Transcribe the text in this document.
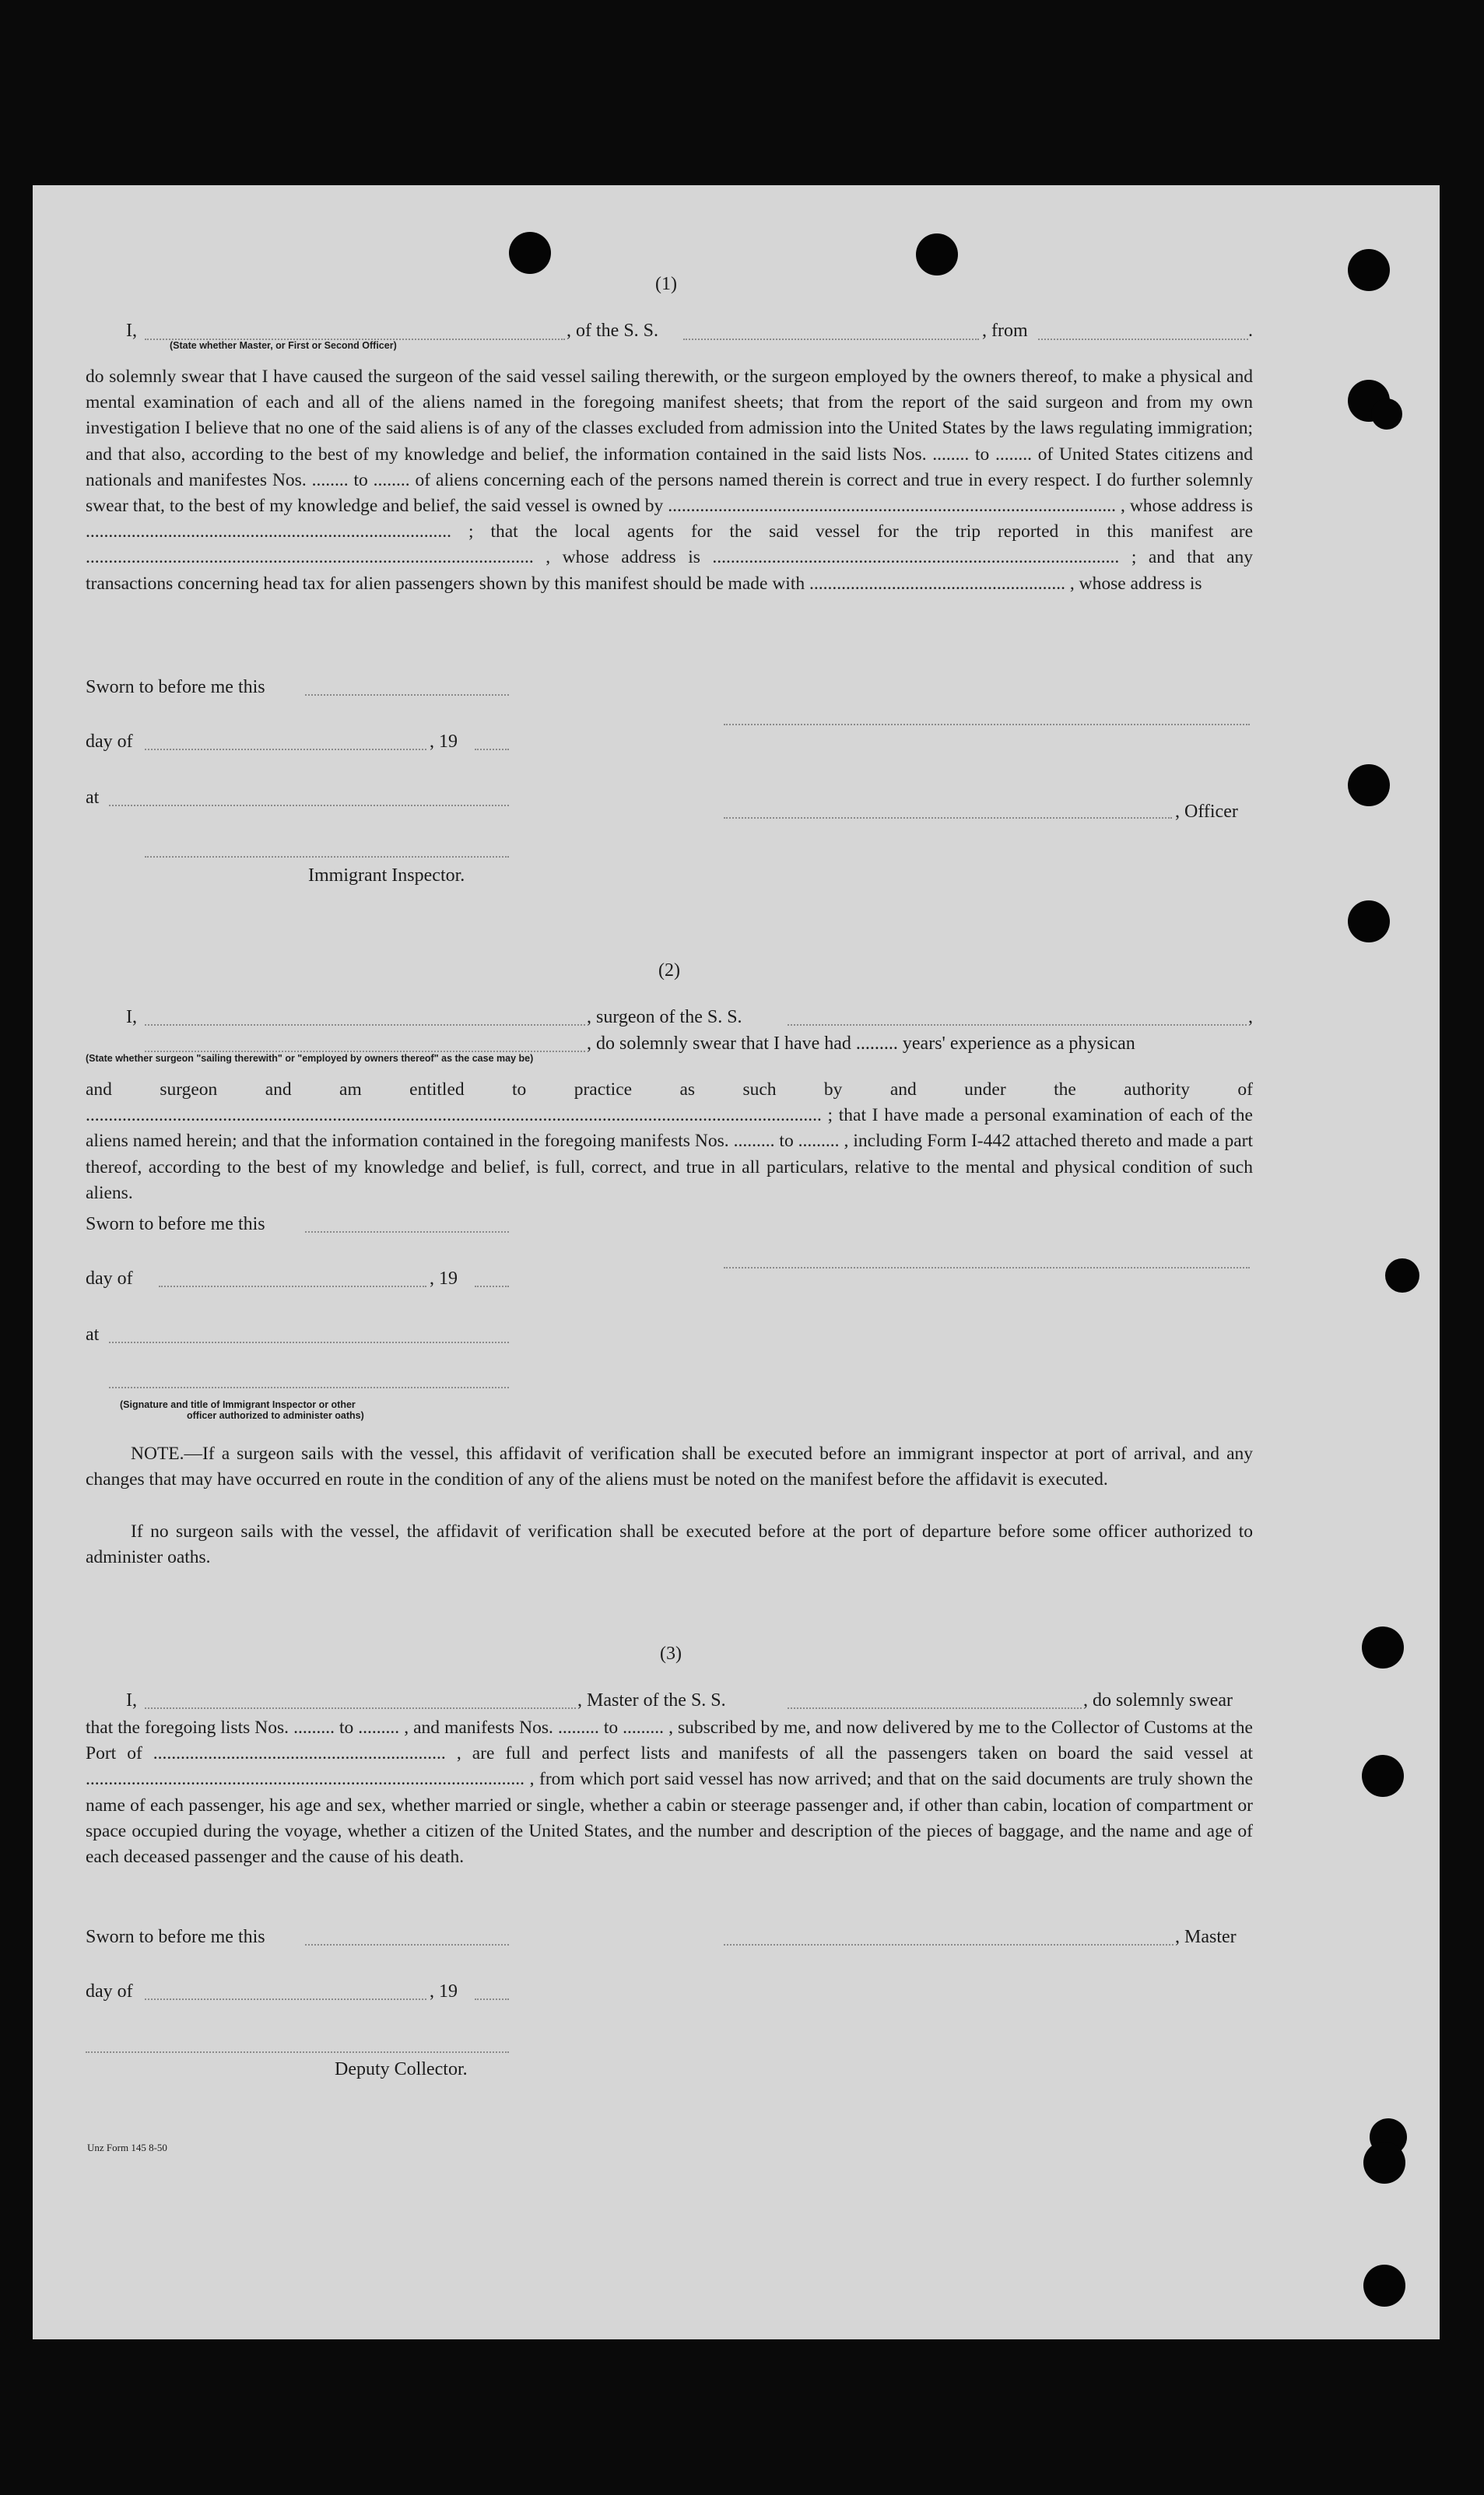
(1)
I,	, of the S. S.	, from	.
(State whether Master, or First or Second Officer)
do solemnly swear that I have caused the surgeon of the said vessel sailing therewith, or the surgeon employed by the owners thereof, to make a physical and mental examination of each and all of the aliens named in the foregoing manifest sheets; that from the report of the said surgeon and from my own investigation I believe that no one of the said aliens is of any of the classes excluded from admission into the United States by the laws regulating immigration; and that also, according to the best of my knowledge and belief, the information contained in the said lists Nos. ........ to ........ of United States citizens and nationals and manifestes Nos. ........ to ........ of aliens concerning each of the persons named therein is correct and true in every respect. I do further solemnly swear that, to the best of my knowledge and belief, the said vessel is owned by .................................................................................................. , whose address is ................................................................................ ; that the local agents for the said vessel for the trip reported in this manifest are .................................................................................................. , whose address is ......................................................................................... ; and that any transactions concerning head tax for alien passengers shown by this manifest should be made with ........................................................ , whose address is
Sworn to before me this
day of	, 19
at
, Officer
Immigrant Inspector.
(2)
I,	, surgeon of the S. S.	,
, do solemnly swear that I have had ......... years' experience as a physican
(State whether surgeon "sailing therewith" or "employed by owners thereof" as the case may be)
and surgeon and am entitled to practice as such by and under the authority of ................................................................................................................................................................. ; that I have made a personal examination of each of the aliens named herein; and that the information contained in the foregoing manifests Nos. ......... to ......... , including Form I-442 attached thereto and made a part thereof, according to the best of my knowledge and belief, is full, correct, and true in all particulars, relative to the mental and physical condition of such aliens.
Sworn to before me this
day of	, 19
at
(Signature and title of Immigrant Inspector or other
officer authorized to administer oaths)
NOTE.—If a surgeon sails with the vessel, this affidavit of verification shall be executed before an immigrant inspector at port of arrival, and any changes that may have occurred en route in the condition of any of the aliens must be noted on the manifest before the affidavit is executed.
If no surgeon sails with the vessel, the affidavit of verification shall be executed before at the port of departure before some officer authorized to administer oaths.
(3)
I,	, Master of the S. S.	, do solemnly swear
that the foregoing lists Nos. ......... to ......... , and manifests Nos. ......... to ......... , subscribed by me, and now delivered by me to the Collector of Customs at the Port of ................................................................ , are full and perfect lists and manifests of all the passengers taken on board the said vessel at ................................................................................................ , from which port said vessel has now arrived; and that on the said documents are truly shown the name of each passenger, his age and sex, whether married or single, whether a cabin or steerage passenger and, if other than cabin, location of compartment or space occupied during the voyage, whether a citizen of the United States, and the number and description of the pieces of baggage, and the name and age of each deceased passenger and the cause of his death.
Sworn to before me this	, Master
day of	, 19
Deputy Collector.
Unz Form 145 8-50
